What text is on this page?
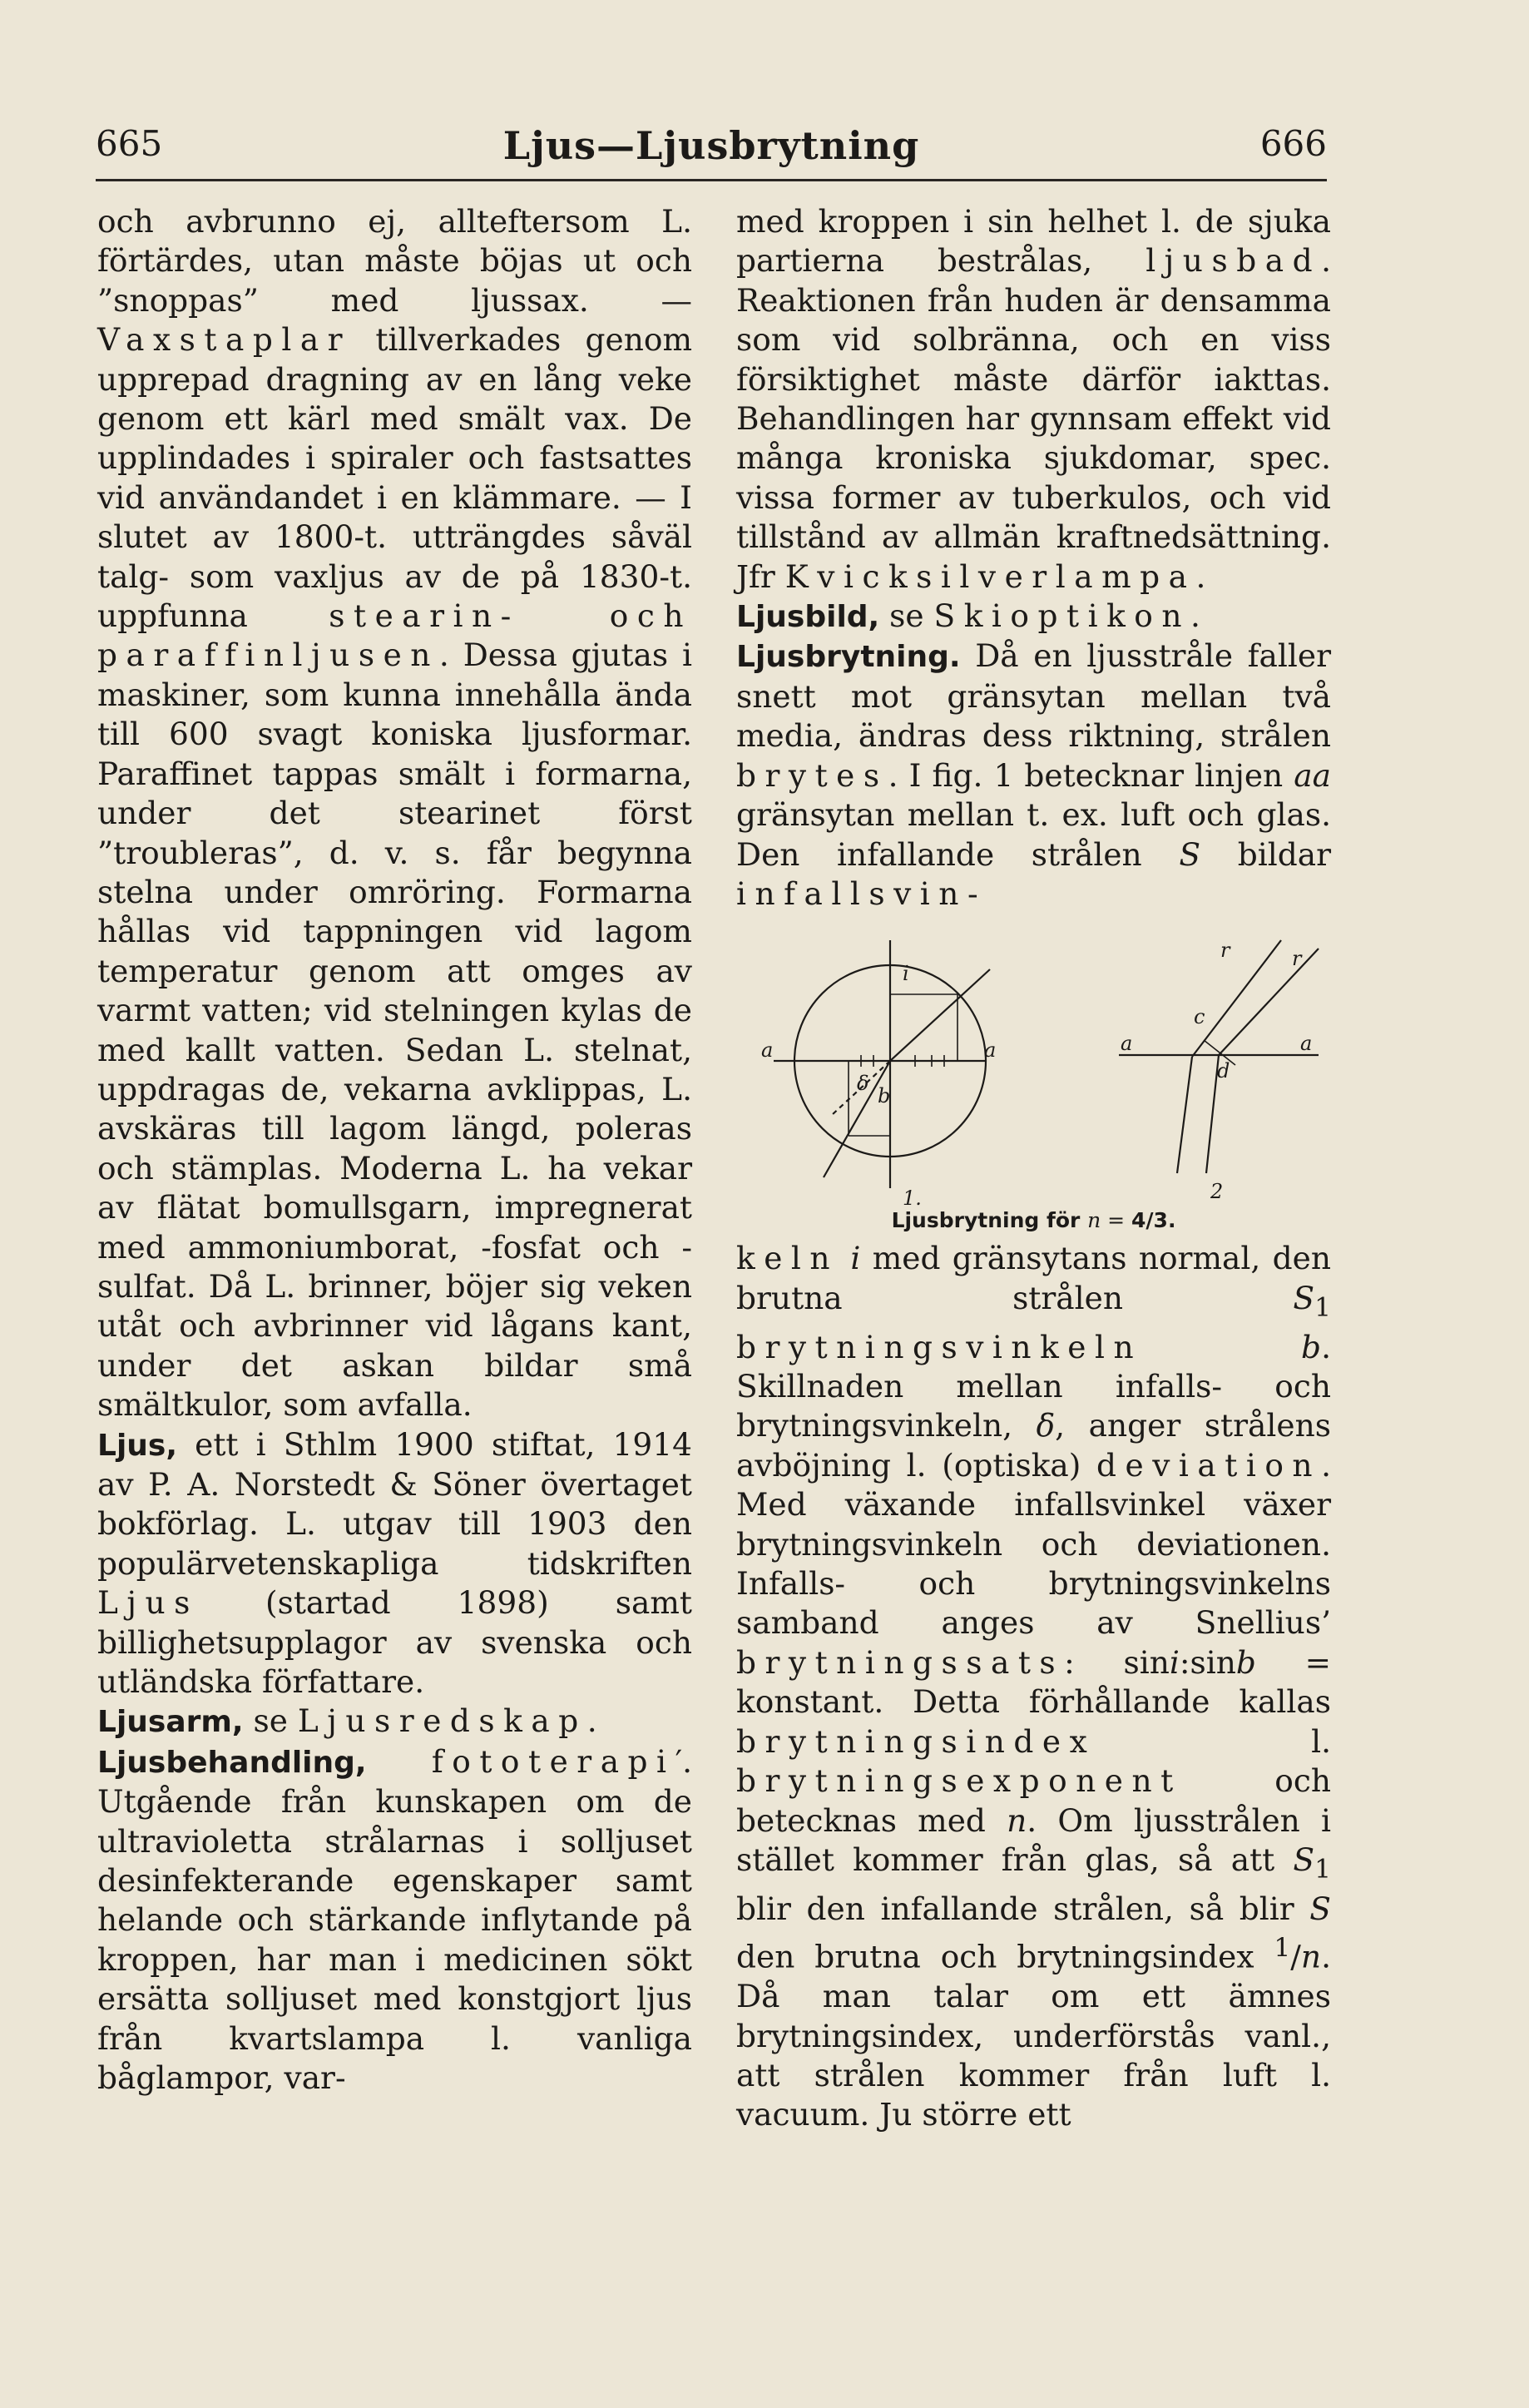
665	Ljus—Ljusbrytning	666

och avbrunno ej, allteftersom L. förtärdes, utan måste böjas ut och ”snoppas” med ljussax. — Vaxstaplar tillverkades genom upprepad dragning av en lång veke genom ett kärl med smält vax. De upplindades i spiraler och fastsattes vid användandet i en klämmare. — I slutet av 1800-t. utträngdes såväl talg- som vaxljus av de på 1830-t. uppfunna stearin- och paraffinljusen. Dessa gjutas i maskiner, som kunna innehålla ända till 600 svagt koniska ljusformar. Paraffinet tappas smält i formarna, under det stearinet först ”troubleras”, d. v. s. får begynna stelna under omröring. Formarna hållas vid tappningen vid lagom temperatur genom att omges av varmt vatten; vid stelningen kylas de med kallt vatten. Sedan L. stelnat, uppdragas de, vekarna avklippas, L. avskäras till lagom längd, poleras och stämplas. Moderna L. ha vekar av flätat bomullsgarn, impregnerat med ammoniumborat, -fosfat och -sulfat. Då L. brinner, böjer sig veken utåt och avbrinner vid lågans kant, under det askan bildar små smältkulor, som avfalla.

Ljus, ett i Sthlm 1900 stiftat, 1914 av P. A. Norstedt & Söner övertaget bokförlag. L. utgav till 1903 den populärvetenskapliga tidskriften Ljus (startad 1898) samt billighetsupplagor av svenska och utländska författare.

Ljusarm, se Ljusredskap.

Ljusbehandling, fototerapi′. Utgående från kunskapen om de ultravioletta strålarnas i solljuset desinfekterande egenskaper samt helande och stärkande inflytande på kroppen, har man i medicinen sökt ersätta solljuset med konstgjort ljus från kvartslampa l. vanliga båglampor, var-

med kroppen i sin helhet l. de sjuka partierna bestrålas, ljusbad. Reaktionen från huden är densamma som vid solbränna, och en viss försiktighet måste därför iakttas. Behandlingen har gynnsam effekt vid många kroniska sjukdomar, spec. vissa former av tuberkulos, och vid tillstånd av allmän kraftnedsättning. Jfr Kvicksilverlampa.

Ljusbild, se Skioptikon.

Ljusbrytning. Då en ljusstråle faller snett mot gränsytan mellan två media, ändras dess riktning, strålen brytes. I fig. 1 betecknar linjen aa gränsytan mellan t. ex. luft och glas. Den infallande strålen S bildar infallsvin-

i
a	a
δ
b
a	a
c
d
r	r
1.	2
Ljusbrytning för n = 4/3.

keln i med gränsytans normal, den brutna strålen $S_1$ brytningsvinkeln b. Skillnaden mellan infalls- och brytningsvinkeln, δ, anger strålens avböjning l. (optiska) deviation. Med växande infallsvinkel växer brytningsvinkeln och deviationen. Infalls- och brytningsvinkelns samband anges av Snellius’ brytningssats: sini:sinb = konstant. Detta förhållande kallas brytningsindex l. brytningsexponent och betecknas med n. Om ljusstrålen i stället kommer från glas, så att $S_1$ blir den infallande strålen, så blir S den brutna och brytningsindex $^1$/n. Då man talar om ett ämnes brytningsindex, underförstås vanl., att strålen kommer från luft l. vacuum. Ju större ett
